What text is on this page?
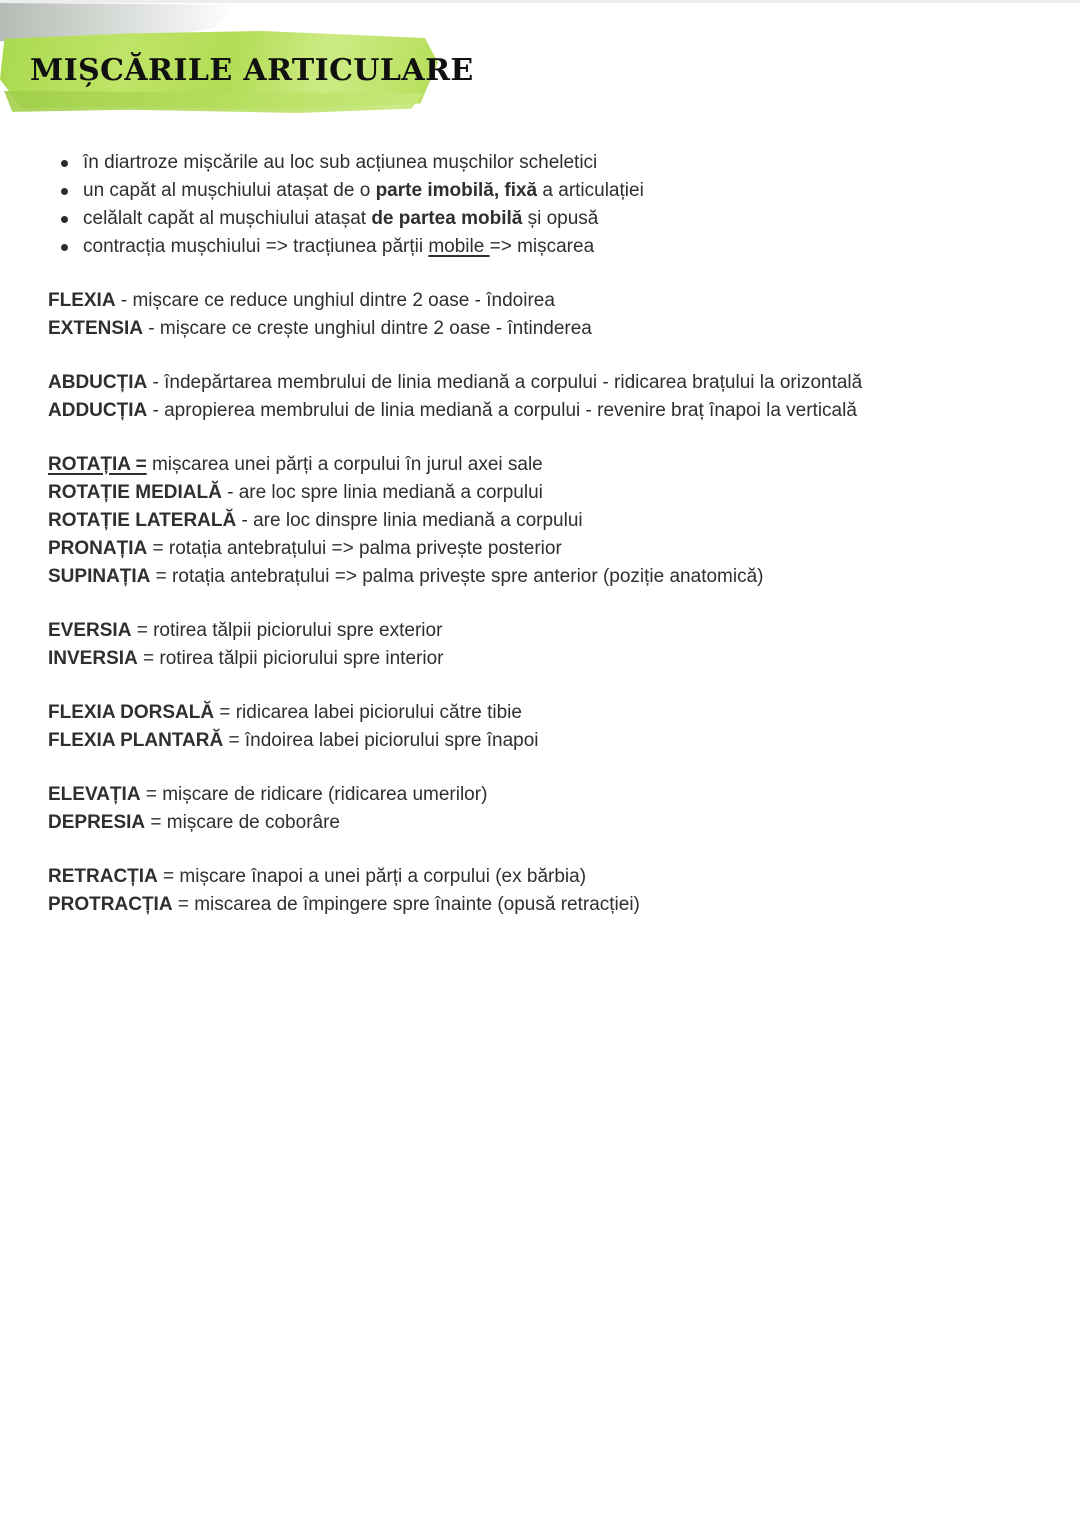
MIȘCĂRILE ARTICULARE
în diartroze mișcările au loc sub acțiunea mușchilor scheletici
un capăt al mușchiului atașat de o parte imobilă, fixă a articulației
celălalt capăt al mușchiului atașat de partea mobilă și opusă
contracția mușchiului => tracțiunea părții mobile => mișcarea
FLEXIA - mișcare ce reduce unghiul dintre 2 oase - îndoirea
EXTENSIA - mișcare ce crește unghiul dintre 2 oase - întinderea
ABDUCȚIA - îndepărtarea membrului de linia mediană a corpului - ridicarea brațului la orizontală
ADDUCȚIA - apropierea membrului de linia mediană a corpului - revenire braț înapoi la verticală
ROTAȚIA = mișcarea unei părți a corpului în jurul axei sale
ROTAȚIE MEDIALĂ - are loc spre linia mediană a corpului
ROTAȚIE LATERALĂ - are loc dinspre linia mediană a corpului
PRONAȚIA = rotația antebrațului => palma privește posterior
SUPINAȚIA = rotația antebrațului => palma privește spre anterior (poziție anatomică)
EVERSIA = rotirea tălpii piciorului spre exterior
INVERSIA = rotirea tălpii piciorului spre interior
FLEXIA DORSALĂ = ridicarea labei piciorului către tibie
FLEXIA PLANTARĂ = îndoirea labei piciorului spre înapoi
ELEVAȚIA = mișcare de ridicare (ridicarea umerilor)
DEPRESIA = mișcare de coborâre
RETRACȚIA = mișcare înapoi a unei părți a corpului (ex bărbia)
PROTRACȚIA = miscarea de împingere spre înainte (opusă retracției)
